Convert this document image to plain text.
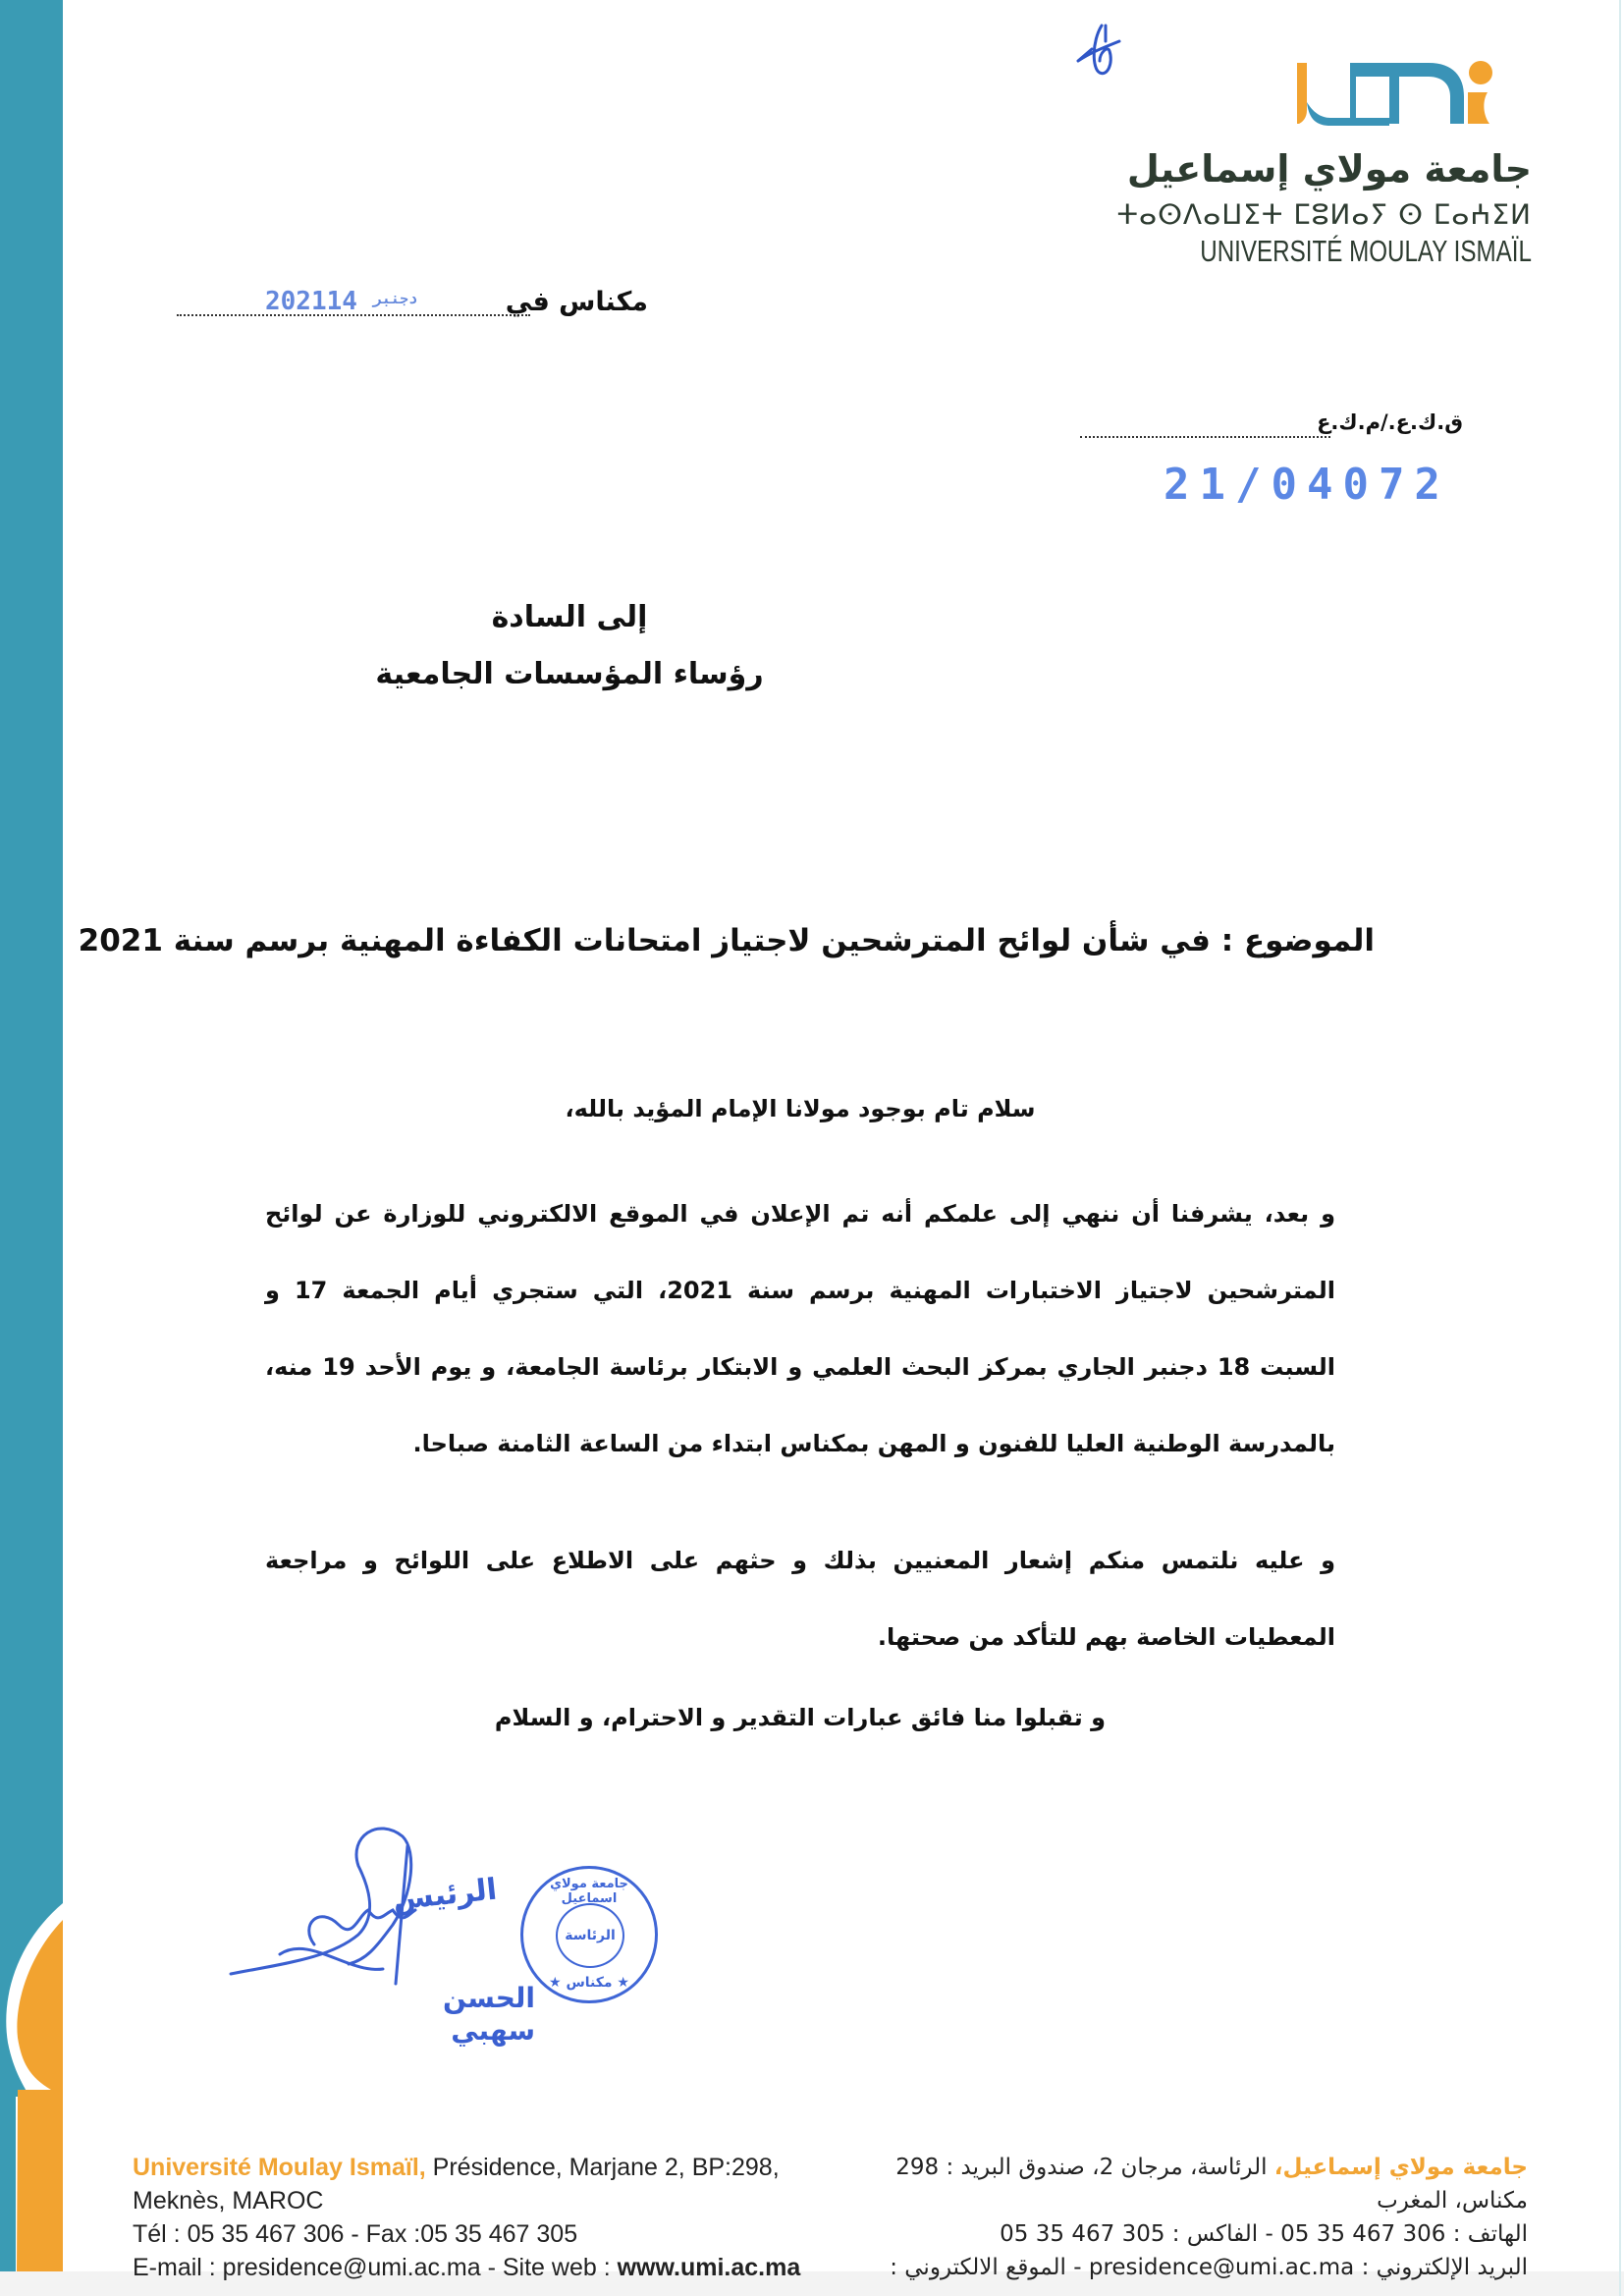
جامعة مولاي إسماعيل
ⵜⴰⵙⴷⴰⵡⵉⵜ ⵎⵓⵍⴰⵢ ⵙ ⵎⴰⵄⵉⵍ
UNIVERSITÉ MOULAY ISMAÏL
2021	$^{دجنبر}$14	مكناس في
ق.ك.ع./م.ك.ع
21/04072
إلى السادة
رؤساء المؤسسات الجامعية
الموضوع : في شأن لوائح المترشحين لاجتياز امتحانات الكفاءة المهنية برسم سنة 2021
سلام تام بوجود مولانا الإمام المؤيد بالله،
و بعد، يشرفنا أن ننهي إلى علمكم أنه تم الإعلان في الموقع الالكتروني للوزارة عن لوائح المترشحين لاجتياز الاختبارات المهنية برسم سنة 2021، التي ستجري أيام الجمعة 17 و السبت 18 دجنبر الجاري بمركز البحث العلمي و الابتكار برئاسة الجامعة، و يوم الأحد 19 منه، بالمدرسة الوطنية العليا للفنون و المهن بمكناس ابتداء من الساعة الثامنة صباحا.
و عليه نلتمس منكم إشعار المعنيين بذلك و حثهم على الاطلاع على اللوائح و مراجعة المعطيات الخاصة بهم للتأكد من صحتها.
و تقبلوا منا فائق عبارات التقدير و الاحترام، و السلام
الرئيس
الحسن سهبي
جامعة مولاي اسماعيل
الرئاسة
★ مكناس ★
Université Moulay Ismaïl, Présidence, Marjane 2, BP:298,
Meknès, MAROC
Tél : 05 35 467 306 - Fax :05 35 467 305
E-mail : presidence@umi.ac.ma - Site web : www.umi.ac.ma
جامعة مولاي إسماعيل، الرئاسة، مرجان 2، صندوق البريد : 298
مكناس، المغرب
الهاتف : 306 467 35 05 - الفاكس : 305 467 35 05
البريد الإلكتروني : presidence@umi.ac.ma - الموقع الالكتروني :
